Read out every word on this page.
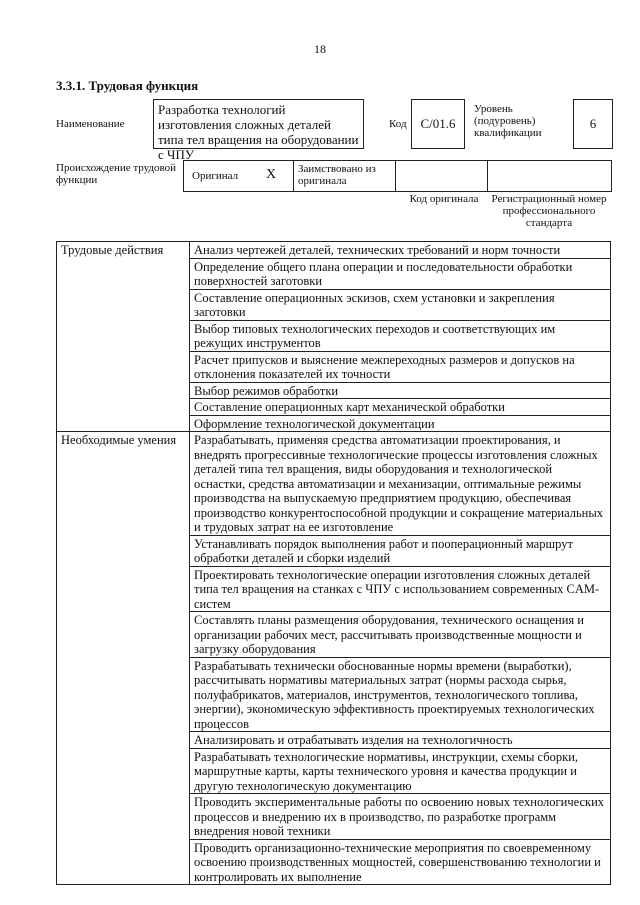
18
3.3.1. Трудовая функция
Наименование
Разработка технологий изготовления сложных деталей типа тел вращения на оборудовании с ЧПУ
Код	C/01.6
Уровень (подуровень) квалификации
6
Происхождение трудовой функции	Оригинал X Заимствовано из оригинала
Код оригинала	Регистрационный номер профессионального стандарта
Трудовые действия	Анализ чертежей деталей, технических требований и норм точности
	Определение общего плана операции и последовательности обработки поверхностей заготовки
	Составление операционных эскизов, схем установки и закрепления заготовки
	Выбор типовых технологических переходов и соответствующих им режущих инструментов
	Расчет припусков и выяснение межпереходных размеров и допусков на отклонения показателей их точности
	Выбор режимов обработки
	Составление операционных карт механической обработки
	Оформление технологической документации
Необходимые умения	Разрабатывать, применяя средства автоматизации проектирования, и внедрять прогрессивные технологические процессы изготовления сложных деталей типа тел вращения, виды оборудования и технологической оснастки, средства автоматизации и механизации, оптимальные режимы производства на выпускаемую предприятием продукцию, обеспечивая производство конкурентоспособной продукции и сокращение материальных и трудовых затрат на ее изготовление
	Устанавливать порядок выполнения работ и пооперационный маршрут обработки деталей и сборки изделий
	Проектировать технологические операции изготовления сложных деталей типа тел вращения на станках с ЧПУ с использованием современных CAM-систем
	Составлять планы размещения оборудования, технического оснащения и организации рабочих мест, рассчитывать производственные мощности и загрузку оборудования
	Разрабатывать технически обоснованные нормы времени (выработки), рассчитывать нормативы материальных затрат (нормы расхода сырья, полуфабрикатов, материалов, инструментов, технологического топлива, энергии), экономическую эффективность проектируемых технологических процессов
	Анализировать и отрабатывать изделия на технологичность
	Разрабатывать технологические нормативы, инструкции, схемы сборки, маршрутные карты, карты технического уровня и качества продукции и другую технологическую документацию
	Проводить экспериментальные работы по освоению новых технологических процессов и внедрению их в производство, по разработке программ внедрения новой техники
	Проводить организационно-технические мероприятия по своевременному освоению производственных мощностей, совершенствованию технологии и контролировать их выполнение
